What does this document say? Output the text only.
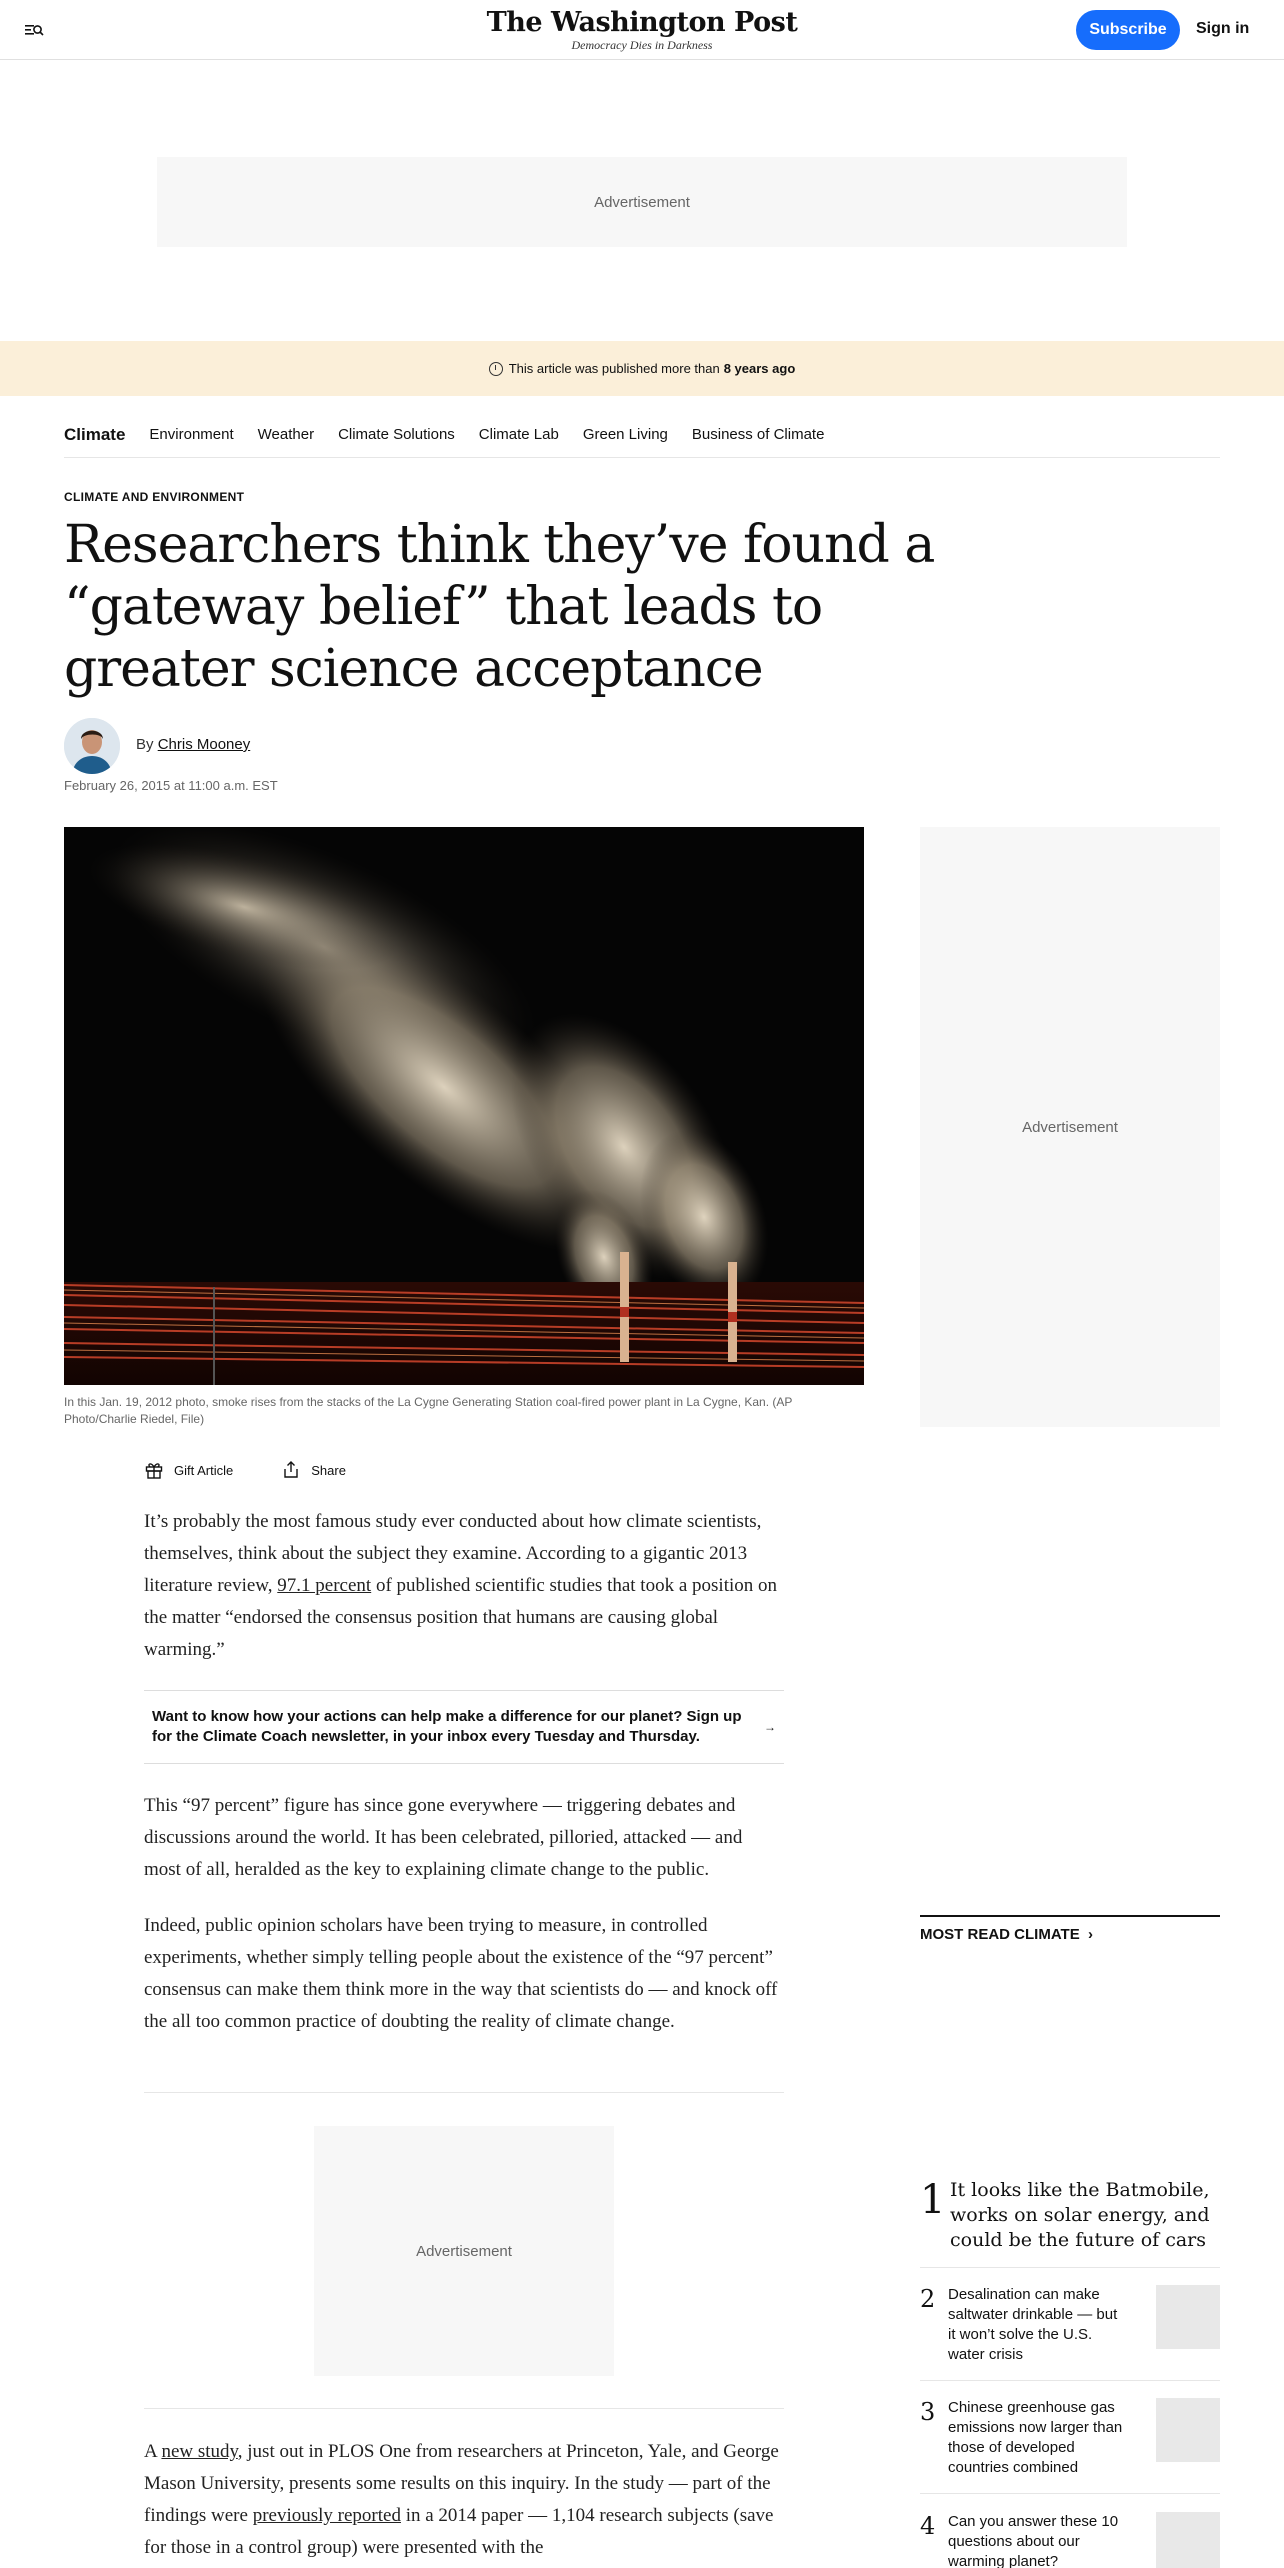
The Washington Post
Democracy Dies in Darkness
Subscribe	Sign in
Advertisement
This article was published more than 8 years ago
Climate Environment Weather Climate Solutions Climate Lab Green Living Business of Climate
CLIMATE AND ENVIRONMENT
Researchers think they’ve found a “gateway belief” that leads to greater science acceptance
By Chris Mooney
February 26, 2015 at 11:00 a.m. EST
In this Jan. 19, 2012 photo, smoke rises from the stacks of the La Cygne Generating Station coal-fired power plant in La Cygne, Kan. (AP Photo/Charlie Riedel, File)
Gift Article	Share

It’s probably the most famous study ever conducted about how climate scientists, themselves, think about the subject they examine. According to a gigantic 2013 literature review, 97.1 percent of published scientific studies that took a position on the matter “endorsed the consensus position that humans are causing global warming.”

Want to know how your actions can help make a difference for our planet? Sign up for the Climate Coach newsletter, in your inbox every Tuesday and Thursday.
→

This “97 percent” figure has since gone everywhere — triggering debates and discussions around the world. It has been celebrated, pilloried, attacked — and most of all, heralded as the key to explaining climate change to the public.

Indeed, public opinion scholars have been trying to measure, in controlled experiments, whether simply telling people about the existence of the “97 percent” consensus can make them think more in the way that scientists do — and knock off the all too common practice of doubting the reality of climate change.

Advertisement

A new study, just out in PLOS One from researchers at Princeton, Yale, and George Mason University, presents some results on this inquiry. In the study — part of the findings were previously reported in a 2014 paper — 1,104 research subjects (save for those in a control group) were presented with the

Advertisement
MOST READ CLIMATE  ›
1 It looks like the Batmobile, works on solar energy, and could be the future of cars
2 Desalination can make saltwater drinkable — but it won’t solve the U.S. water crisis
3 Chinese greenhouse gas emissions now larger than those of developed countries combined
4 Can you answer these 10 questions about our warming planet?
